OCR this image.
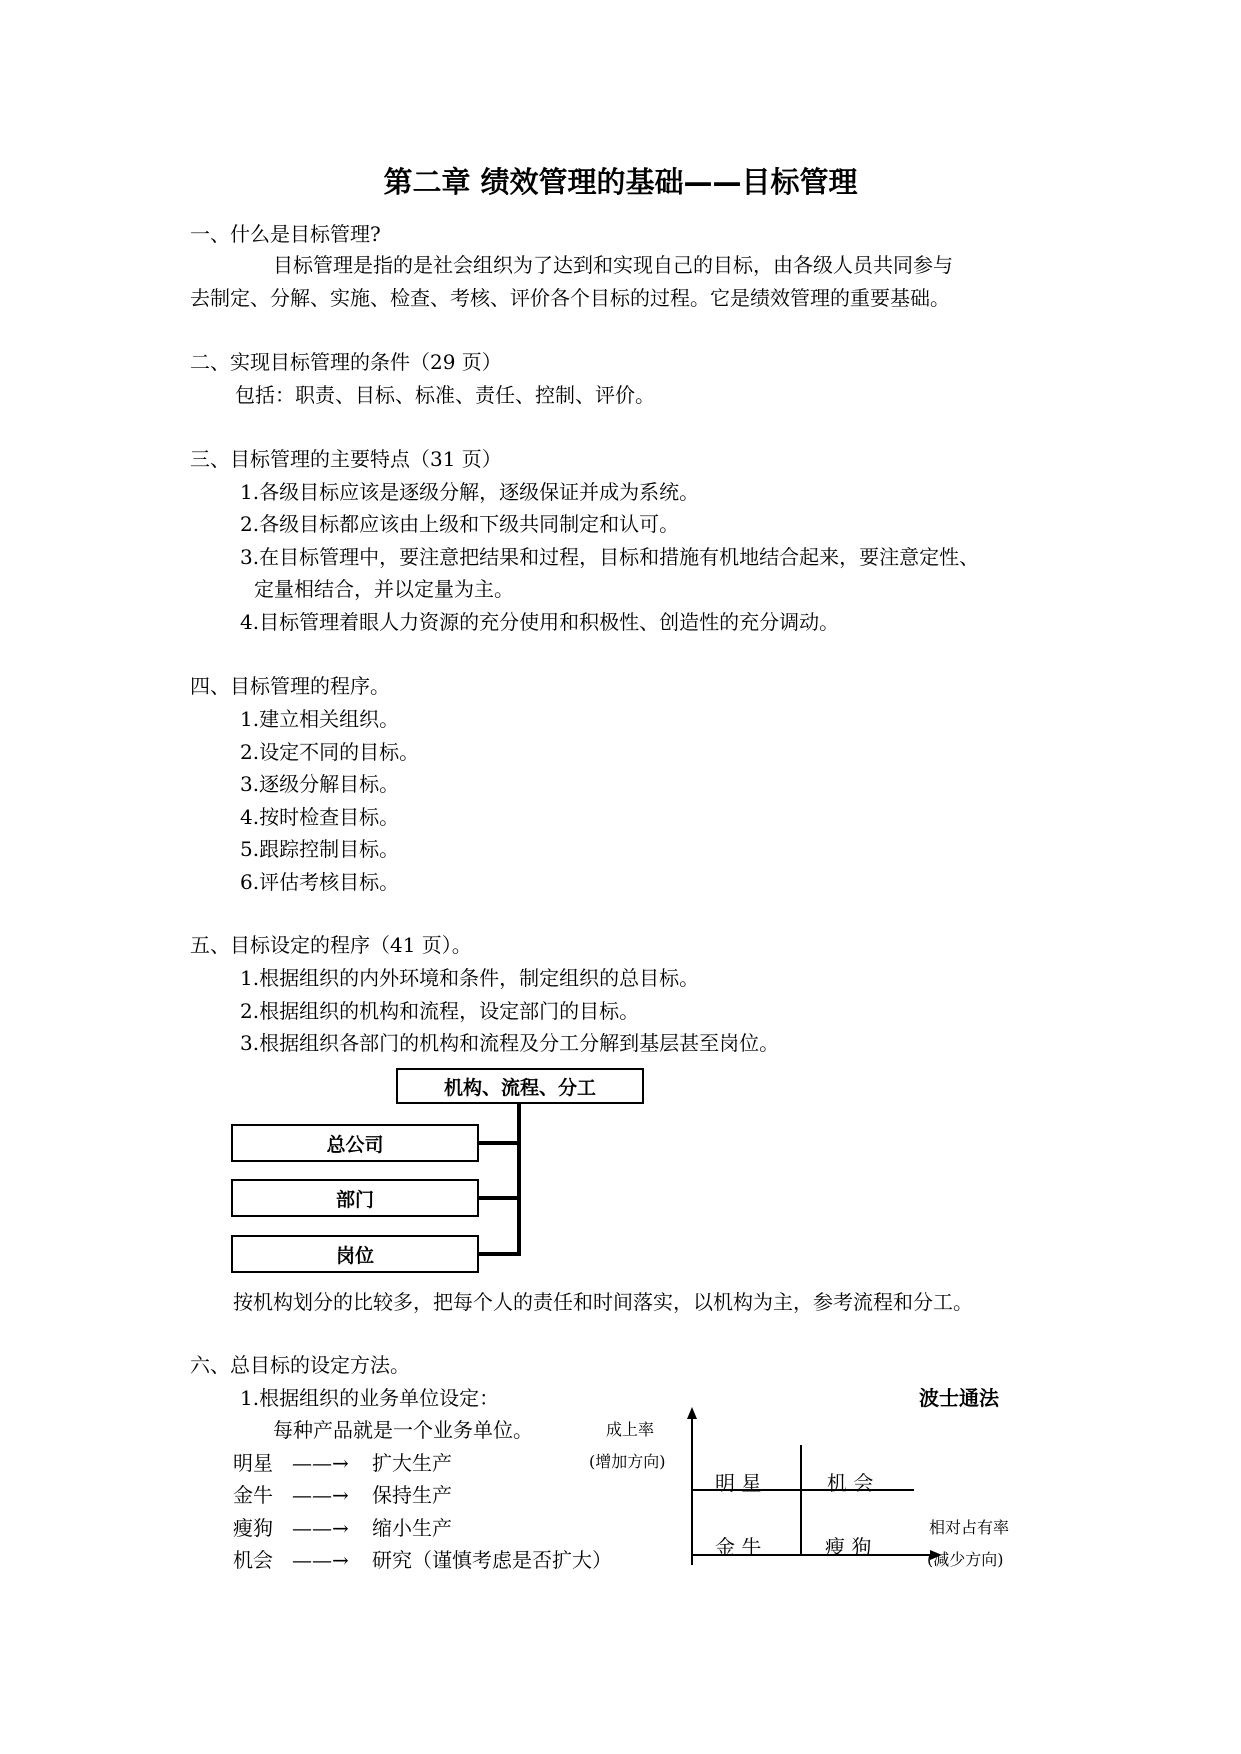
第二章 绩效管理的基础——目标管理

一、什么是目标管理?

目标管理是指的是社会组织为了达到和实现自己的目标，由各级人员共同参与

去制定、分解、实施、检查、考核、评价各个目标的过程。它是绩效管理的重要基础。

二、实现目标管理的条件（29 页）

包括：职责、目标、标准、责任、控制、评价。

三、目标管理的主要特点（31 页）

1.各级目标应该是逐级分解，逐级保证并成为系统。

2.各级目标都应该由上级和下级共同制定和认可。

3.在目标管理中，要注意把结果和过程，目标和措施有机地结合起来，要注意定性、

定量相结合，并以定量为主。

4.目标管理着眼人力资源的充分使用和积极性、创造性的充分调动。

四、目标管理的程序。

1.建立相关组织。

2.设定不同的目标。

3.逐级分解目标。

4.按时检查目标。

5.跟踪控制目标。

6.评估考核目标。

五、目标设定的程序（41 页）。

1.根据组织的内外环境和条件，制定组织的总目标。

2.根据组织的机构和流程，设定部门的目标。

3.根据组织各部门的机构和流程及分工分解到基层甚至岗位。

机构、流程、分工
总公司
部门
岗位

按机构划分的比较多，把每个人的责任和时间落实，以机构为主，参考流程和分工。

六、总目标的设定方法。

1.根据组织的业务单位设定：

每种产品就是一个业务单位。

明星 ——→ 扩大生产

金牛 ——→ 保持生产

瘦狗 ——→ 缩小生产

机会 ——→ 研究（谨慎考虑是否扩大）

波士通法

成上率

(增加方向)

明 星	机 会

金 牛	瘦 狗

相对占有率

(减少方向)
